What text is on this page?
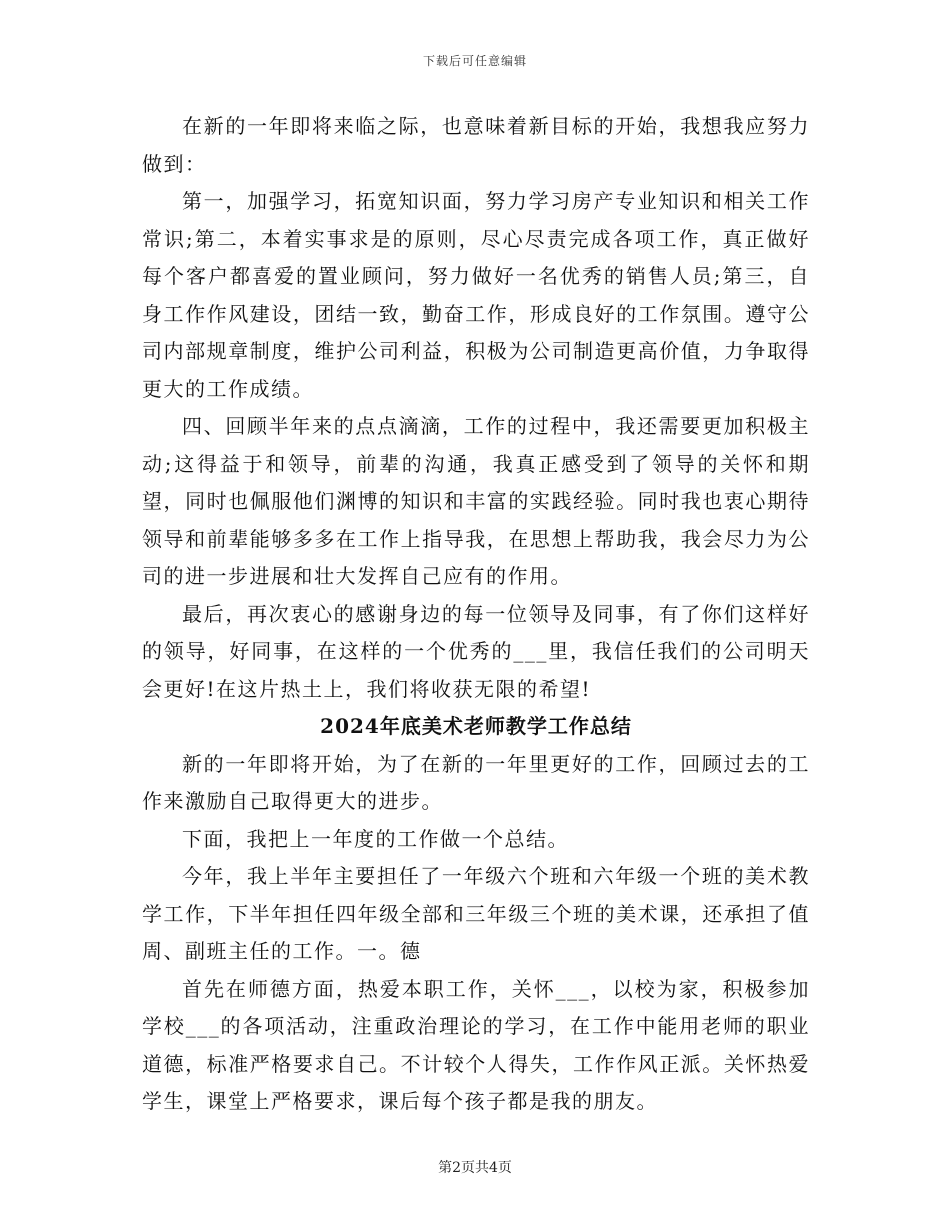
下载后可任意编辑

在新的一年即将来临之际，也意味着新目标的开始，我想我应努力做到：

第一，加强学习，拓宽知识面，努力学习房产专业知识和相关工作常识;第二，本着实事求是的原则，尽心尽责完成各项工作，真正做好每个客户都喜爱的置业顾问，努力做好一名优秀的销售人员;第三，自身工作作风建设，团结一致，勤奋工作，形成良好的工作氛围。遵守公司内部规章制度，维护公司利益，积极为公司制造更高价值，力争取得更大的工作成绩。

四、回顾半年来的点点滴滴，工作的过程中，我还需要更加积极主动;这得益于和领导，前辈的沟通，我真正感受到了领导的关怀和期望，同时也佩服他们渊博的知识和丰富的实践经验。同时我也衷心期待领导和前辈能够多多在工作上指导我，在思想上帮助我，我会尽力为公司的进一步进展和壮大发挥自己应有的作用。

最后，再次衷心的感谢身边的每一位领导及同事，有了你们这样好的领导，好同事，在这样的一个优秀的___里，我信任我们的公司明天会更好!在这片热土上，我们将收获无限的希望!

2024年底美术老师教学工作总结

新的一年即将开始，为了在新的一年里更好的工作，回顾过去的工作来激励自己取得更大的进步。

下面，我把上一年度的工作做一个总结。

今年，我上半年主要担任了一年级六个班和六年级一个班的美术教学工作，下半年担任四年级全部和三年级三个班的美术课，还承担了值周、副班主任的工作。一。德

首先在师德方面，热爱本职工作，关怀___，以校为家，积极参加学校___的各项活动，注重政治理论的学习，在工作中能用老师的职业道德，标准严格要求自己。不计较个人得失，工作作风正派。关怀热爱学生，课堂上严格要求，课后每个孩子都是我的朋友。

第2页共4页
